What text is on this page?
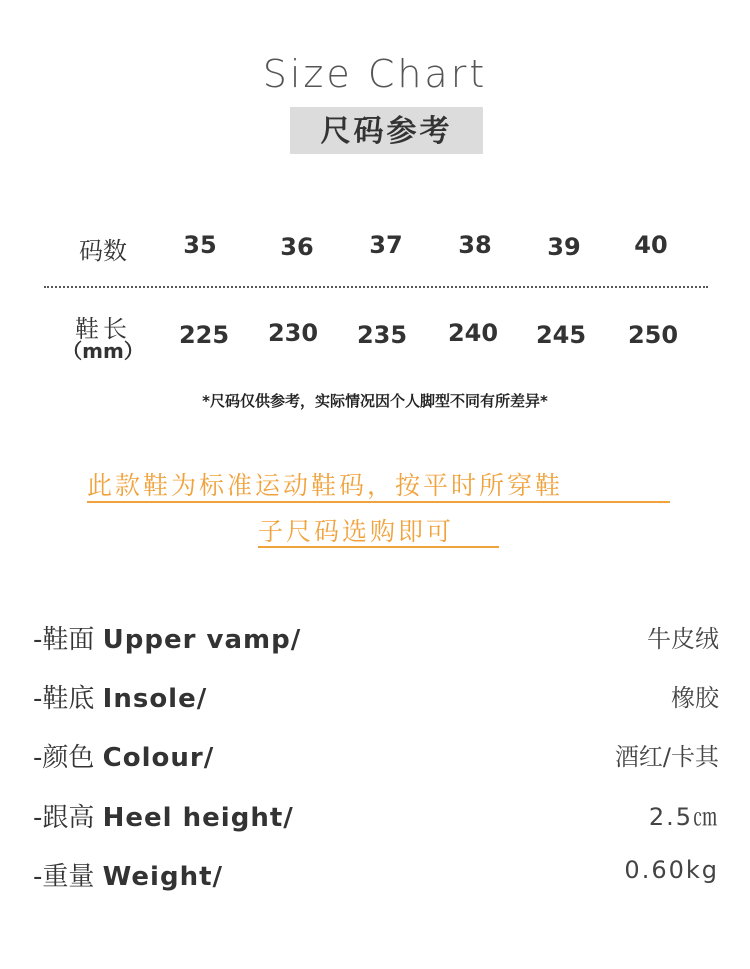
Size Chart
尺码参考
码数	35	36	37	38	39	40
鞋长
（mm）
225	230	235	240	245	250
*尺码仅供参考，实际情况因个人脚型不同有所差异*
此款鞋为标准运动鞋码，按平时所穿鞋
子尺码选购即可
-鞋面 Upper vamp/	牛皮绒
-鞋底 Insole/	橡胶
-颜色 Colour/	酒红/卡其
-跟高 Heel height/	2.5㎝
-重量 Weight/	0.60kg
